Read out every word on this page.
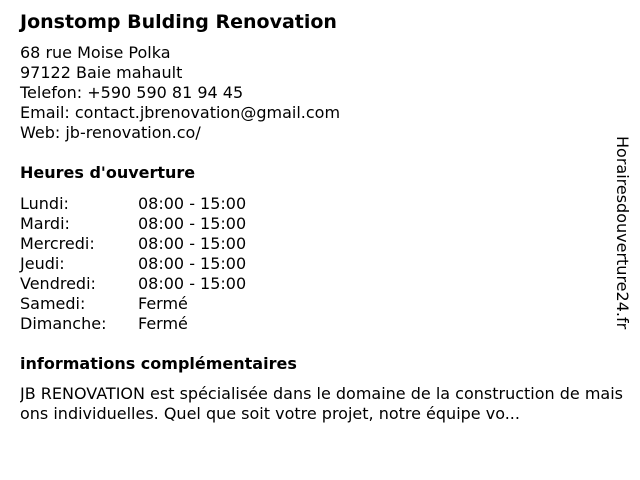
Jonstomp Bulding Renovation
68 rue Moise Polka
97122 Baie mahault
Telefon: +590 590 81 94 45
Email: contact.jbrenovation@gmail.com
Web: jb-renovation.co/
Heures d'ouverture
Lundi:	08:00 - 15:00
Mardi:	08:00 - 15:00
Mercredi:	08:00 - 15:00
Jeudi:	08:00 - 15:00
Vendredi:	08:00 - 15:00
Samedi:	Fermé
Dimanche:	Fermé
informations complémentaires
JB RENOVATION est spécialisée dans le domaine de la construction de maisons individuelles. Quel que soit votre projet, notre équipe vo...
Horairesdouverture24.fr
